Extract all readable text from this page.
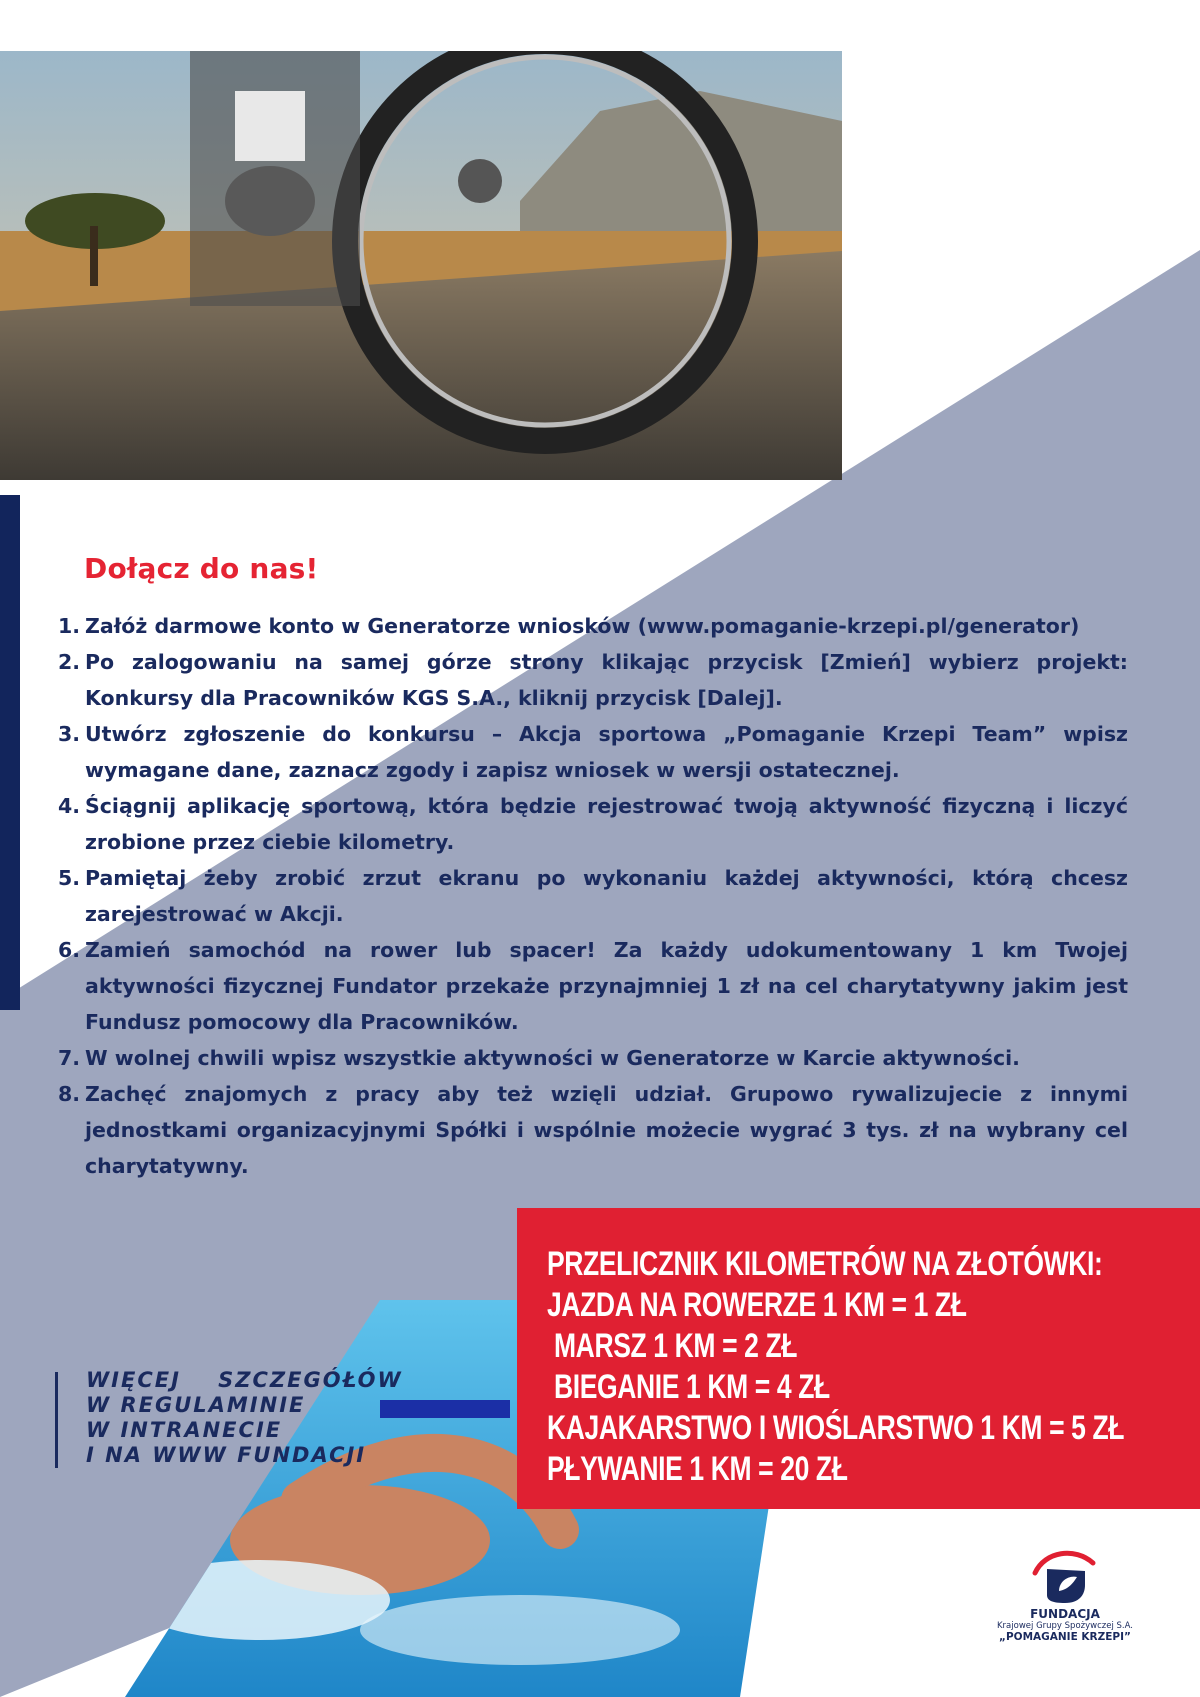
Dołącz do nas!
1. Załóż darmowe konto w Generatorze wniosków (www.pomaganie-krzepi.pl/generator)
2. Po zalogowaniu na samej górze strony klikając przycisk [Zmień] wybierz projekt: Konkursy dla Pracowników KGS S.A., kliknij przycisk [Dalej].
3. Utwórz zgłoszenie do konkursu – Akcja sportowa „Pomaganie Krzepi Team” wpisz wymagane dane, zaznacz zgody i zapisz wniosek w wersji ostatecznej.
4. Ściągnij aplikację sportową, która będzie rejestrować twoją aktywność fizyczną i liczyć zrobione przez ciebie kilometry.
5. Pamiętaj żeby zrobić zrzut ekranu po wykonaniu każdej aktywności, którą chcesz zarejestrować w Akcji.
6. Zamień samochód na rower lub spacer! Za każdy udokumentowany 1 km Twojej aktywności fizycznej Fundator przekaże przynajmniej 1 zł na cel charytatywny jakim jest Fundusz pomocowy dla Pracowników.
7. W wolnej chwili wpisz wszystkie aktywności w Generatorze w Karcie aktywności.
8. Zachęć znajomych z pracy aby też wzięli udział. Grupowo rywalizujecie z innymi jednostkami organizacyjnymi Spółki i wspólnie możecie wygrać 3 tys. zł na wybrany cel charytatywny.
WIĘCEJ    SZCZEGÓŁÓW
W REGULAMINIE
W INTRANECIE
I NA WWW FUNDACJI
PRZELICZNIK KILOMETRÓW NA ZŁOTÓWKI:
JAZDA NA ROWERZE 1 KM = 1 ZŁ
MARSZ 1 KM = 2 ZŁ
BIEGANIE 1 KM = 4 ZŁ
KAJAKARSTWO I WIOŚLARSTWO 1 KM = 5 ZŁ
PŁYWANIE 1 KM = 20 ZŁ
FUNDACJA
Krajowej Grupy Spożywczej S.A.
„POMAGANIE KRZEPI”
